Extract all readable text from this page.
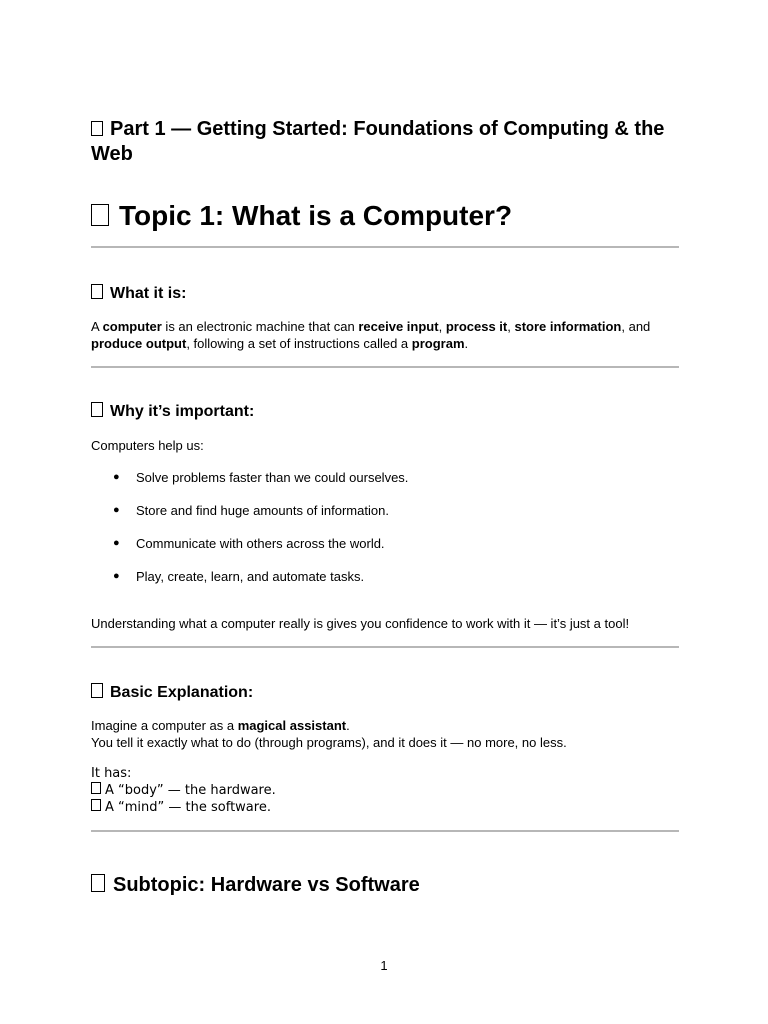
Part 1 — Getting Started: Foundations of Computing & the Web
Topic 1: What is a Computer?
What it is:

A computer is an electronic machine that can receive input, process it, store information, and produce output, following a set of instructions called a program.

Why it’s important:

Computers help us:

● Solve problems faster than we could ourselves.
● Store and find huge amounts of information.
● Communicate with others across the world.
● Play, create, learn, and automate tasks.

Understanding what a computer really is gives you confidence to work with it — it’s just a tool!

Basic Explanation:

Imagine a computer as a magical assistant.
You tell it exactly what to do (through programs), and it does it — no more, no less.

It has:
A “body” — the hardware.
A “mind” — the software.

Subtopic: Hardware vs Software
1
